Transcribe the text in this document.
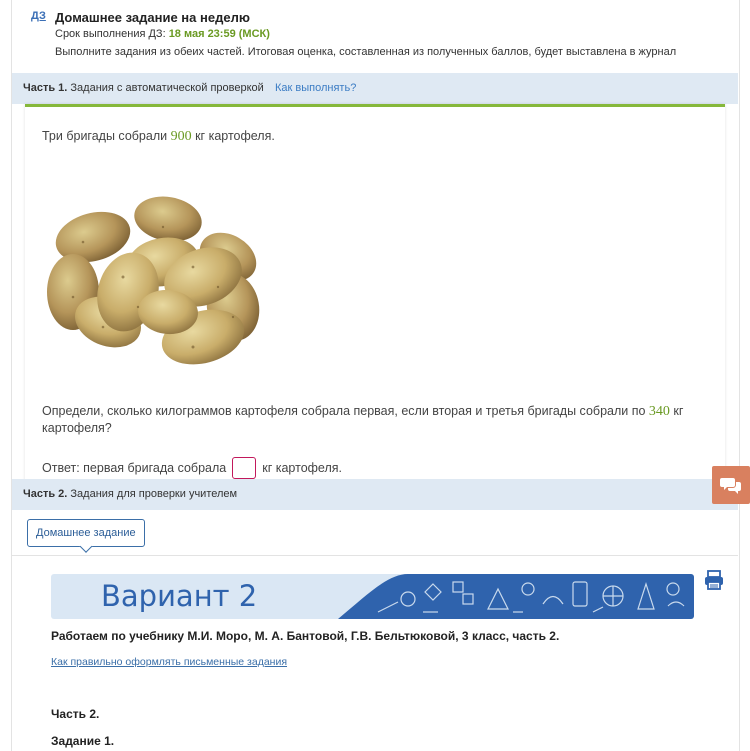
ДЗ Домашнее задание на неделю
Срок выполнения ДЗ: 18 мая 23:59 (МСК)
Выполните задания из обеих частей. Итоговая оценка, составленная из полученных баллов, будет выставлена в журнал
Часть 1. Задания с автоматической проверкой Как выполнять?
Три бригады собрали 900 кг картофеля.
Определи, сколько килограммов картофеля собрала первая, если вторая и третья бригады собрали по 340 кг картофеля?
Ответ: первая бригада собрала	кг картофеля.
Часть 2. Задания для проверки учителем
Домашнее задание
Вариант 2
Работаем по учебнику М.И. Моро, М. А. Бантовой, Г.В. Бельтюковой, 3 класс, часть 2.
Как правильно оформлять письменные задания
Часть 2.
Задание 1.
